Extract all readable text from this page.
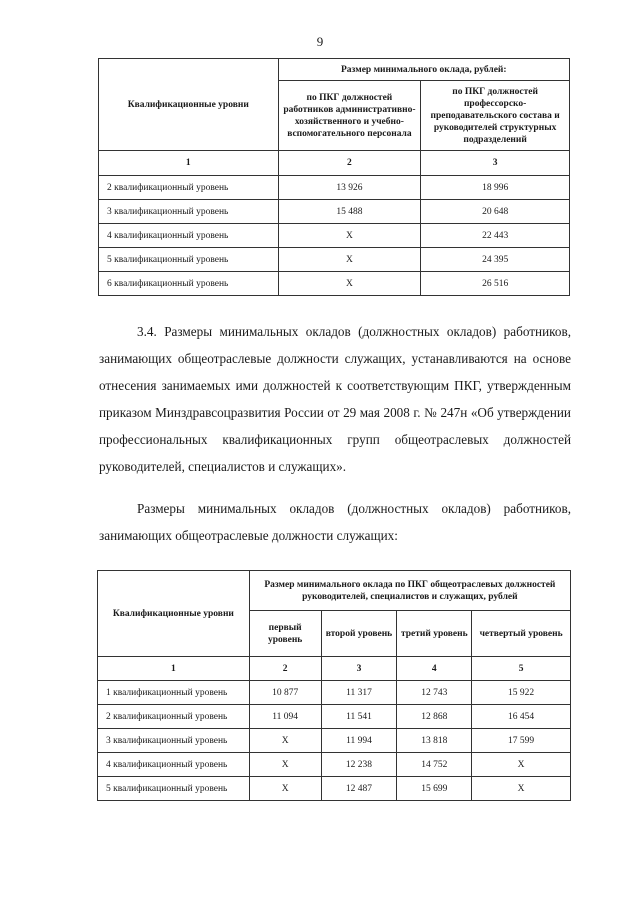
9
Квалификационные уровни	Размер минимального оклада, рублей:	
	по ПКГ должностей работников административно-хозяйственного и учебно-вспомогательного персонала	по ПКГ должностей профессорско-преподавательского состава и руководителей структурных подразделений
1	2	3
2 квалификационный уровень	13 926	18 996
3 квалификационный уровень	15 488	20 648
4 квалификационный уровень	Х	22 443
5 квалификационный уровень	Х	24 395
6 квалификационный уровень	Х	26 516

3.4. Размеры минимальных окладов (должностных окладов) работников, занимающих общеотраслевые должности служащих, устанавливаются на основе отнесения занимаемых ими должностей к соответствующим ПКГ, утвержденным приказом Минздравсоцразвития России от 29 мая 2008 г. № 247н «Об утверждении профессиональных квалификационных групп общеотраслевых должностей руководителей, специалистов и служащих».

Размеры минимальных окладов (должностных окладов) работников, занимающих общеотраслевые должности служащих:

Квалификационные уровни	Размер минимального оклада по ПКГ общеотраслевых должностей руководителей, специалистов и служащих, рублей			
	первый уровень	второй уровень	третий уровень	четвертый уровень
1	2	3	4	5
1 квалификационный уровень	10 877	11 317	12 743	15 922
2 квалификационный уровень	11 094	11 541	12 868	16 454
3 квалификационный уровень	Х	11 994	13 818	17 599
4 квалификационный уровень	Х	12 238	14 752	Х
5 квалификационный уровень	Х	12 487	15 699	Х
